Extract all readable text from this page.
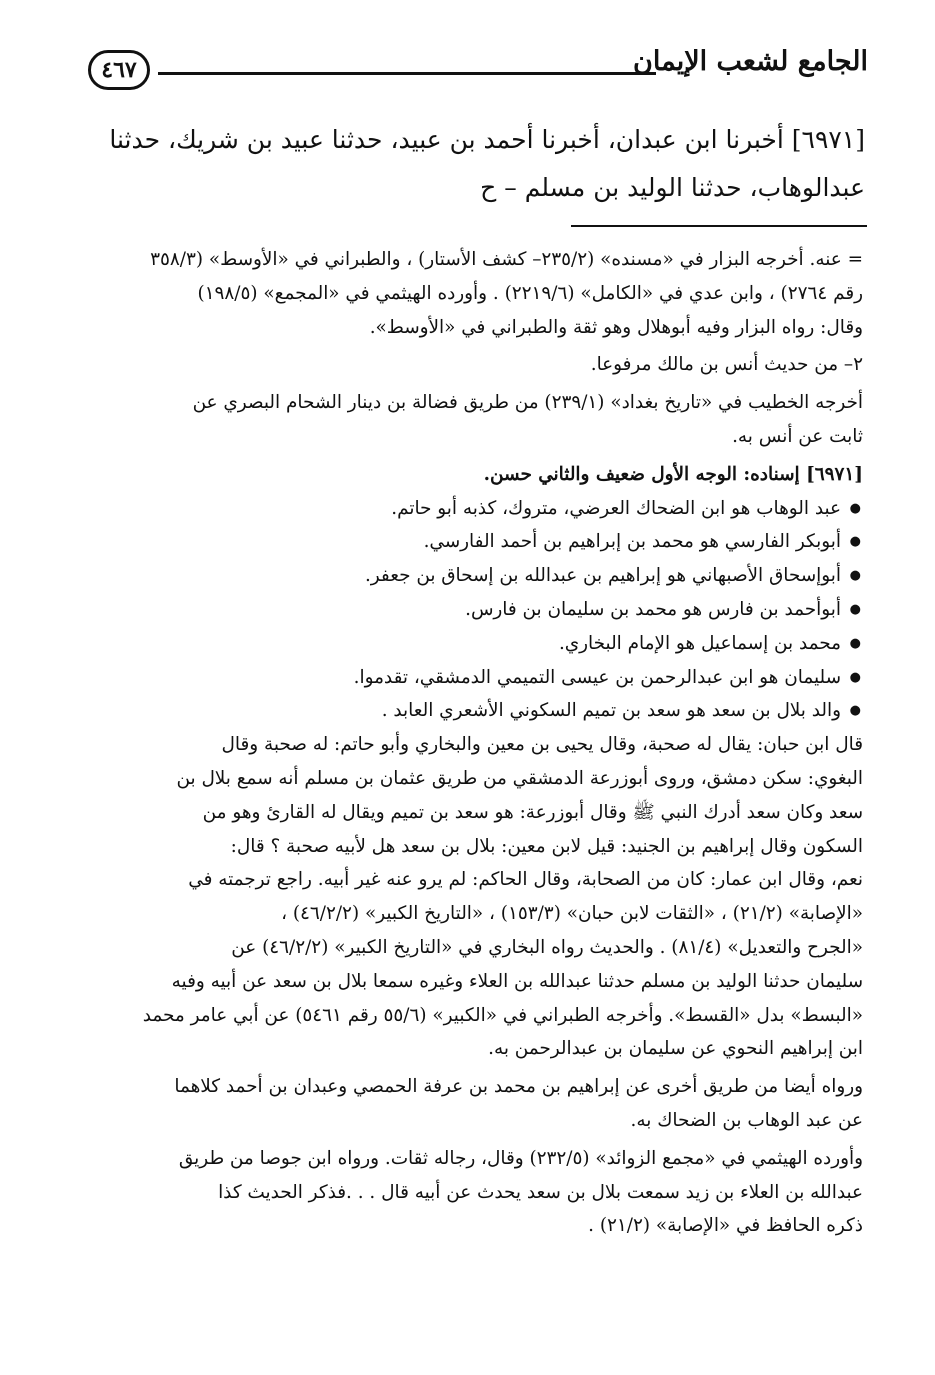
الجامع لشعب الإيمان
٤٦٧

[٦٩٧١] أخبرنا ابن عبدان، أخبرنا أحمد بن عبيد، حدثنا عبيد بن شريك، حدثنا

عبدالوهاب، حدثنا الوليد بن مسلم – ح

= عنه. أخرجه البزار في «مسنده» (٢٣٥/٢– كشف الأستار) ، والطبراني في «الأوسط» (٣٥٨/٣

رقم ٢٧٦٤) ، وابن عدي في «الكامل» (٢٢١٩/٦) . وأورده الهيثمي في «المجمع» (١٩٨/٥)

وقال: رواه البزار وفيه أبوهلال وهو ثقة والطبراني في «الأوسط».

٢– من حديث أنس بن مالك مرفوعا.

أخرجه الخطيب في «تاريخ بغداد» (٢٣٩/١) من طريق فضالة بن دينار الشحام البصري عن

ثابت عن أنس به.

[٦٩٧١] إسناده: الوجه الأول ضعيف والثاني حسن.

● عبد الوهاب هو ابن الضحاك العرضي، متروك، كذبه أبو حاتم.
● أبوبكر الفارسي هو محمد بن إبراهيم بن أحمد الفارسي.
● أبوإسحاق الأصبهاني هو إبراهيم بن عبدالله بن إسحاق بن جعفر.
● أبوأحمد بن فارس هو محمد بن سليمان بن فارس.
● محمد بن إسماعيل هو الإمام البخاري.
● سليمان هو ابن عبدالرحمن بن عيسى التميمي الدمشقي، تقدموا.
● والد بلال بن سعد هو سعد بن تميم السكوني الأشعري العابد .

قال ابن حبان: يقال له صحبة، وقال يحيى بن معين والبخاري وأبو حاتم: له صحبة وقال

البغوي: سكن دمشق، وروى أبوزرعة الدمشقي من طريق عثمان بن مسلم أنه سمع بلال بن

سعد وكان سعد أدرك النبي ﷺ وقال أبوزرعة: هو سعد بن تميم ويقال له القارئ وهو من

السكون وقال إبراهيم بن الجنيد: قيل لابن معين: بلال بن سعد هل لأبيه صحبة ؟ قال:

نعم، وقال ابن عمار: كان من الصحابة، وقال الحاكم: لم يرو عنه غير أبيه. راجع ترجمته في

«الإصابة» (٢١/٢) ، «الثقات لابن حبان» (١٥٣/٣) ، «التاريخ الكبير» (٤٦/٢/٢) ،

«الجرح والتعديل» (٨١/٤) . والحديث رواه البخاري في «التاريخ الكبير» (٤٦/٢/٢) عن

سليمان حدثنا الوليد بن مسلم حدثنا عبدالله بن العلاء وغيره سمعا بلال بن سعد عن أبيه وفيه

«البسط» بدل «القسط». وأخرجه الطبراني في «الكبير» (٥٥/٦ رقم ٥٤٦١) عن أبي عامر محمد

ابن إبراهيم النحوي عن سليمان بن عبدالرحمن به.

ورواه أيضا من طريق أخرى عن إبراهيم بن محمد بن عرفة الحمصي وعبدان بن أحمد كلاهما

عن عبد الوهاب بن الضحاك به.

وأورده الهيثمي في «مجمع الزوائد» (٢٣٢/٥) وقال، رجاله ثقات. ورواه ابن جوصا من طريق

عبدالله بن العلاء بن زيد سمعت بلال بن سعد يحدث عن أبيه قال . . .فذكر الحديث كذا

ذكره الحافظ في «الإصابة» (٢١/٢) .
